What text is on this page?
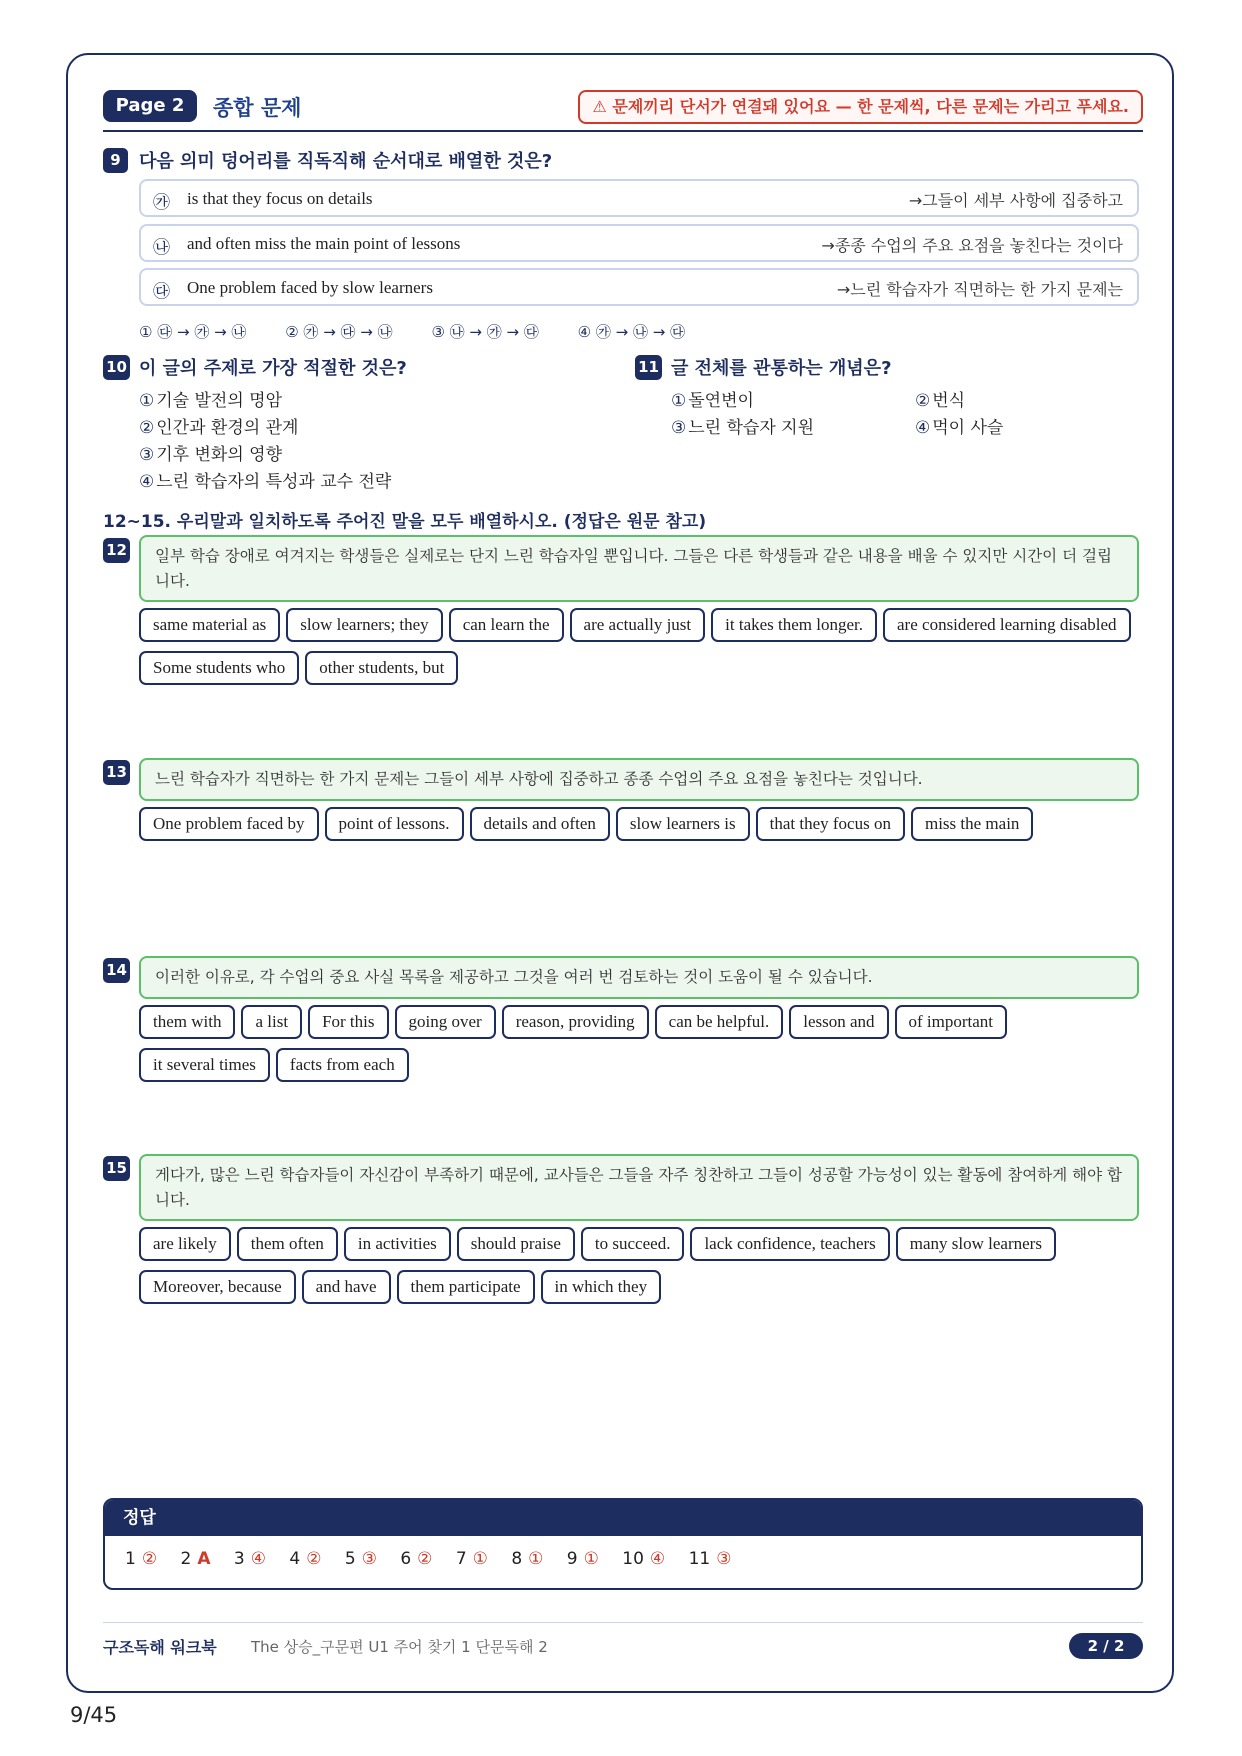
Page 2	종합 문제	⚠ 문제끼리 단서가 연결돼 있어요 — 한 문제씩, 다른 문제는 가리고 푸세요.
9	다음 의미 덩어리를 직독직해 순서대로 배열한 것은?
㉮ is that they focus on details	→그들이 세부 사항에 집중하고
㉯ and often miss the main point of lessons	→종종 수업의 주요 요점을 놓친다는 것이다
㉰ One problem faced by slow learners	→느린 학습자가 직면하는 한 가지 문제는
① ㉰ → ㉮ → ㉯	② ㉮ → ㉰ → ㉯	③ ㉯ → ㉮ → ㉰	④ ㉮ → ㉯ → ㉰
10 이 글의 주제로 가장 적절한 것은?
① 기술 발전의 명암
② 인간과 환경의 관계
③ 기후 변화의 영향
④ 느린 학습자의 특성과 교수 전략
11 글 전체를 관통하는 개념은?
① 돌연변이	② 번식
③ 느린 학습자 지원	④ 먹이 사슬
12~15. 우리말과 일치하도록 주어진 말을 모두 배열하시오. (정답은 원문 참고)
12	일부 학습 장애로 여겨지는 학생들은 실제로는 단지 느린 학습자일 뿐입니다. 그들은 다른 학생들과 같은 내용을 배울 수 있지만 시간이 더 걸립니다.
same material as slow learners; they can learn the are actually just it takes them longer. are considered learning disabledSome students who other students, but
13	느린 학습자가 직면하는 한 가지 문제는 그들이 세부 사항에 집중하고 종종 수업의 주요 요점을 놓친다는 것입니다.
One problem faced by point of lessons. details and often slow learners is that they focus on miss the main
14	이러한 이유로, 각 수업의 중요 사실 목록을 제공하고 그것을 여러 번 검토하는 것이 도움이 될 수 있습니다.
them with a list For this going over reason, providing can be helpful. lesson and of importantit several times facts from each
15	게다가, 많은 느린 학습자들이 자신감이 부족하기 때문에, 교사들은 그들을 자주 칭찬하고 그들이 성공할 가능성이 있는 활동에 참여하게 해야 합니다.
are likely them often in activities should praise to succeed. lack confidence, teachers many slow learnersMoreover, because and have them participate in which they
정답
1 ② 2 A 3 ④ 4 ② 5 ③ 6 ② 7 ① 8 ① 9 ① 10 ④ 11 ③
구조독해 워크북 The 상승_구문편 U1 주어 찾기 1 단문독해 2	2 / 2
9/45
